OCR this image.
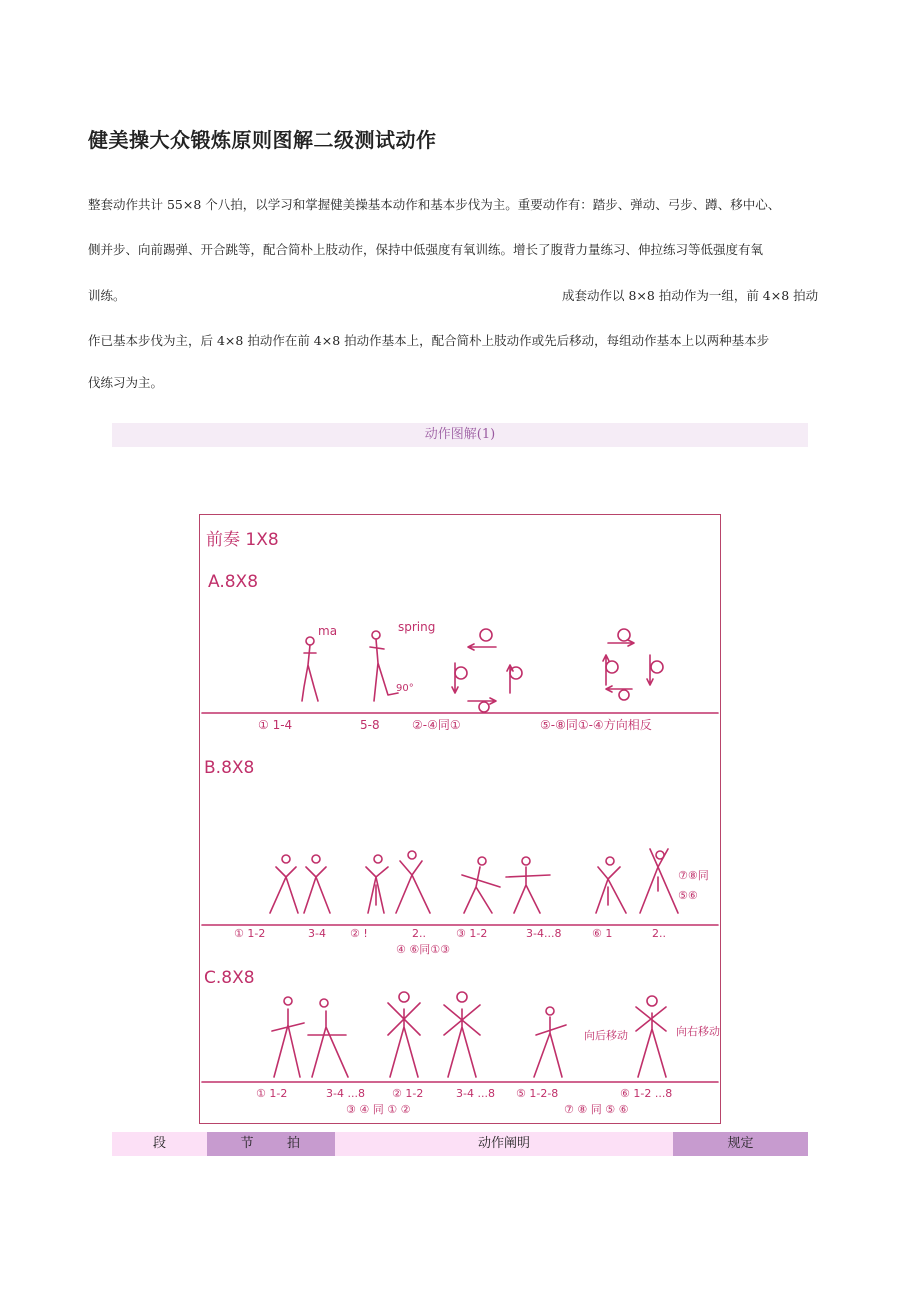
健美操大众锻炼原则图解二级测试动作
整套动作共计 55×8 个八拍，以学习和掌握健美操基本动作和基本步伐为主。重要动作有：踏步、弹动、弓步、蹲、移中心、
侧并步、向前踢弹、开合跳等，配合简朴上肢动作，保持中低强度有氧训练。增长了腹背力量练习、伸拉练习等低强度有氧
训练。	成套动作以 8×8 拍动作为一组，前 4×8 拍动
作已基本步伐为主，后 4×8 拍动作在前 4×8 拍动作基本上，配合简朴上肢动作或先后移动，每组动作基本上以两种基本步
伐练习为主。
动作图解(1)
前奏 1X8
A.8X8
ma	spring
90°
① 1-4	5-8	②-④同①	⑤-⑧同①-④方向相反
B.8X8
① 1-2	3-4 ② !	2..	③ 1-2	3-4...8	⑥ 1	2..
④ ⑥同①③
⑦⑧同
⑤⑥
C.8X8
① 1-2	3-4 ...8 ② 1-2	3-4 ...8 ⑤ 1-2-8	⑥ 1-2 ...8
③ ④ 同 ① ②	⑦ ⑧ 同 ⑤ ⑥
向后移动	向右移动
段	节	拍	动作阐明	规定
